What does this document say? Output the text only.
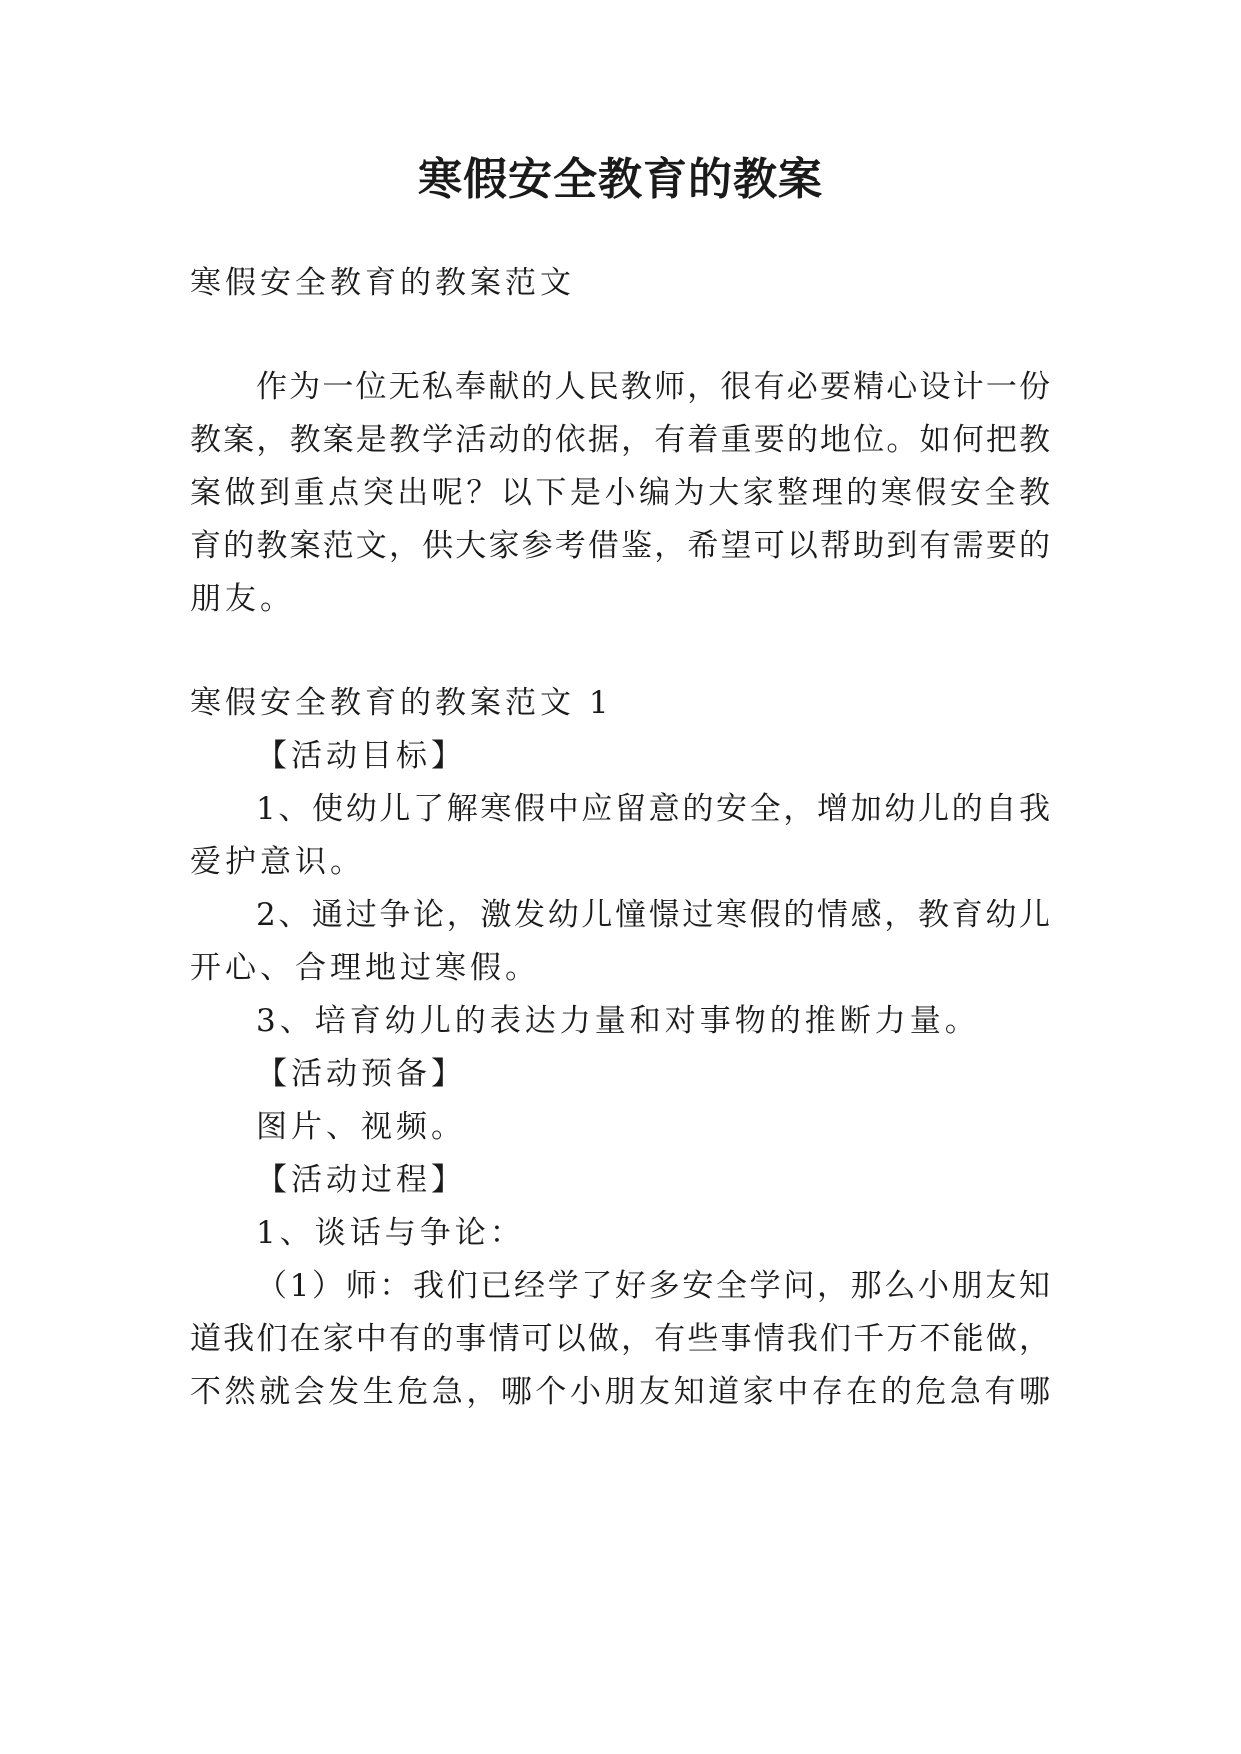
寒假安全教育的教案
寒假安全教育的教案范文
作为一位无私奉献的人民教师，很有必要精心设计一份
教案，教案是教学活动的依据，有着重要的地位。如何把教
案做到重点突出呢？以下是小编为大家整理的寒假安全教
育的教案范文，供大家参考借鉴，希望可以帮助到有需要的
朋友。
寒假安全教育的教案范文 1
【活动目标】
1、使幼儿了解寒假中应留意的安全，增加幼儿的自我
爱护意识。
2、通过争论，激发幼儿憧憬过寒假的情感，教育幼儿
开心、合理地过寒假。
3、培育幼儿的表达力量和对事物的推断力量。
【活动预备】
图片、视频。
【活动过程】
1、谈话与争论：
（1）师：我们已经学了好多安全学问，那么小朋友知
道我们在家中有的事情可以做，有些事情我们千万不能做，
不然就会发生危急，哪个小朋友知道家中存在的危急有哪
